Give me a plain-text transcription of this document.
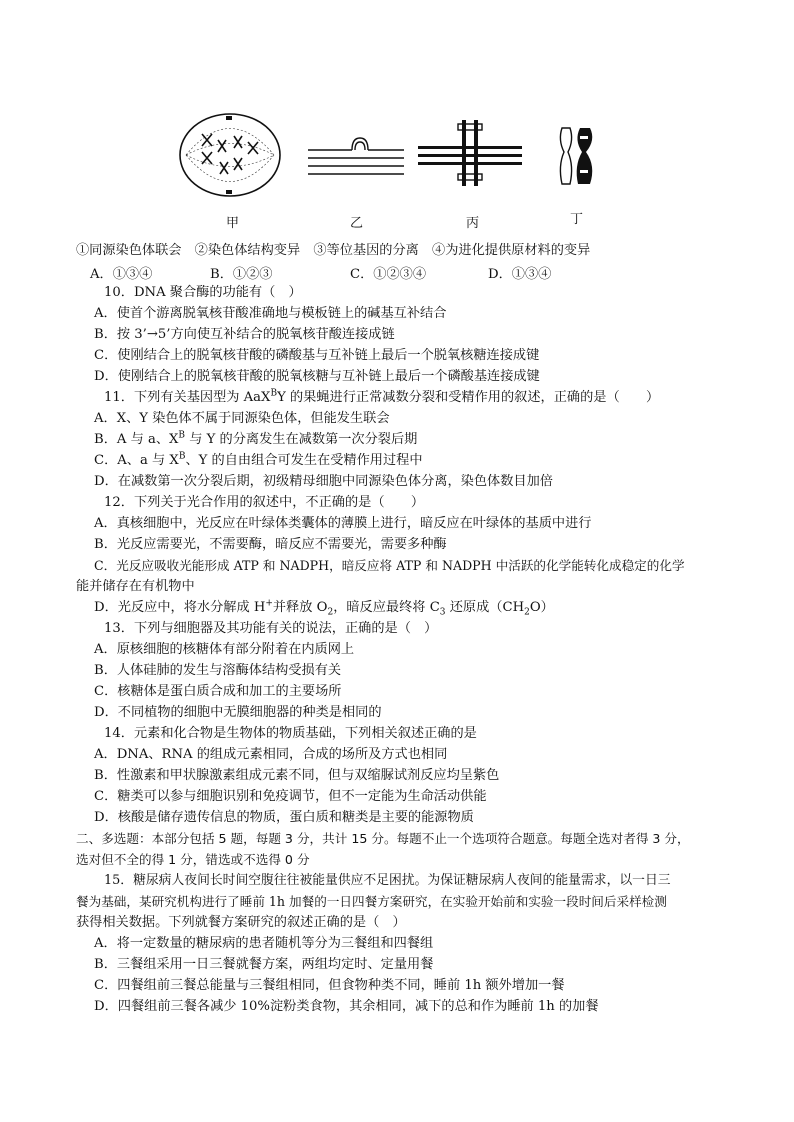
甲	乙	丙	丁
①同源染色体联会　②染色体结构变异　③等位基因的分离　④为进化提供原材料的变异
A．①③④	B．①②③	C．①②③④	D．①③④
10．DNA 聚合酶的功能有（　）
A．使首个游离脱氧核苷酸准确地与模板链上的碱基互补结合
B．按 3’→5’方向使互补结合的脱氧核苷酸连接成链
C．使刚结合上的脱氧核苷酸的磷酸基与互补链上最后一个脱氧核糖连接成键
D．使刚结合上的脱氧核苷酸的脱氧核糖与互补链上最后一个磷酸基连接成键
11．下列有关基因型为 AaX$^B$Y 的果蝇进行正常减数分裂和受精作用的叙述，正确的是（　　）
A．X、Y 染色体不属于同源染色体，但能发生联会
B．A 与 a、$X^B$ 与 Y 的分离发生在减数第一次分裂后期
C．A、a 与 $X^B$、Y 的自由组合可发生在受精作用过程中
D．在减数第一次分裂后期，初级精母细胞中同源染色体分离，染色体数目加倍
12．下列关于光合作用的叙述中，不正确的是（　　）
A．真核细胞中，光反应在叶绿体类囊体的薄膜上进行，暗反应在叶绿体的基质中进行
B．光反应需要光，不需要酶，暗反应不需要光，需要多种酶
C．光反应吸收光能形成 ATP 和 NADPH，暗反应将 ATP 和 NADPH 中活跃的化学能转化成稳定的化学
能并储存在有机物中
D．光反应中，将水分解成 H+并释放 $O_2$，暗反应最终将 $C_3$ 还原成$(CH_2O)$
13．下列与细胞器及其功能有关的说法，正确的是（　）
A．原核细胞的核糖体有部分附着在内质网上
B．人体硅肺的发生与溶酶体结构受损有关
C．核糖体是蛋白质合成和加工的主要场所
D．不同植物的细胞中无膜细胞器的种类是相同的
14．元素和化合物是生物体的物质基础，下列相关叙述正确的是
A．DNA、RNA 的组成元素相同，合成的场所及方式也相同
B．性激素和甲状腺激素组成元素不同，但与双缩脲试剂反应均呈紫色
C．糖类可以参与细胞识别和免疫调节，但不一定能为生命活动供能
D．核酸是储存遗传信息的物质，蛋白质和糖类是主要的能源物质
二、多选题：本部分包括 5 题，每题 3 分，共计 15 分。每题不止一个选项符合题意。每题全选对者得 3 分，
选对但不全的得 1 分，错选或不选得 0 分
15．糖尿病人夜间长时间空腹往往被能量供应不足困扰。为保证糖尿病人夜间的能量需求，以一日三
餐为基础，某研究机构进行了睡前 1h 加餐的一日四餐方案研究，在实验开始前和实验一段时间后采样检测
获得相关数据。下列就餐方案研究的叙述正确的是（　）
A．将一定数量的糖尿病的患者随机等分为三餐组和四餐组
B．三餐组采用一日三餐就餐方案，两组均定时、定量用餐
C．四餐组前三餐总能量与三餐组相同，但食物种类不同，睡前 1h 额外增加一餐
D．四餐组前三餐各减少 10%淀粉类食物，其余相同，减下的总和作为睡前 1h 的加餐
